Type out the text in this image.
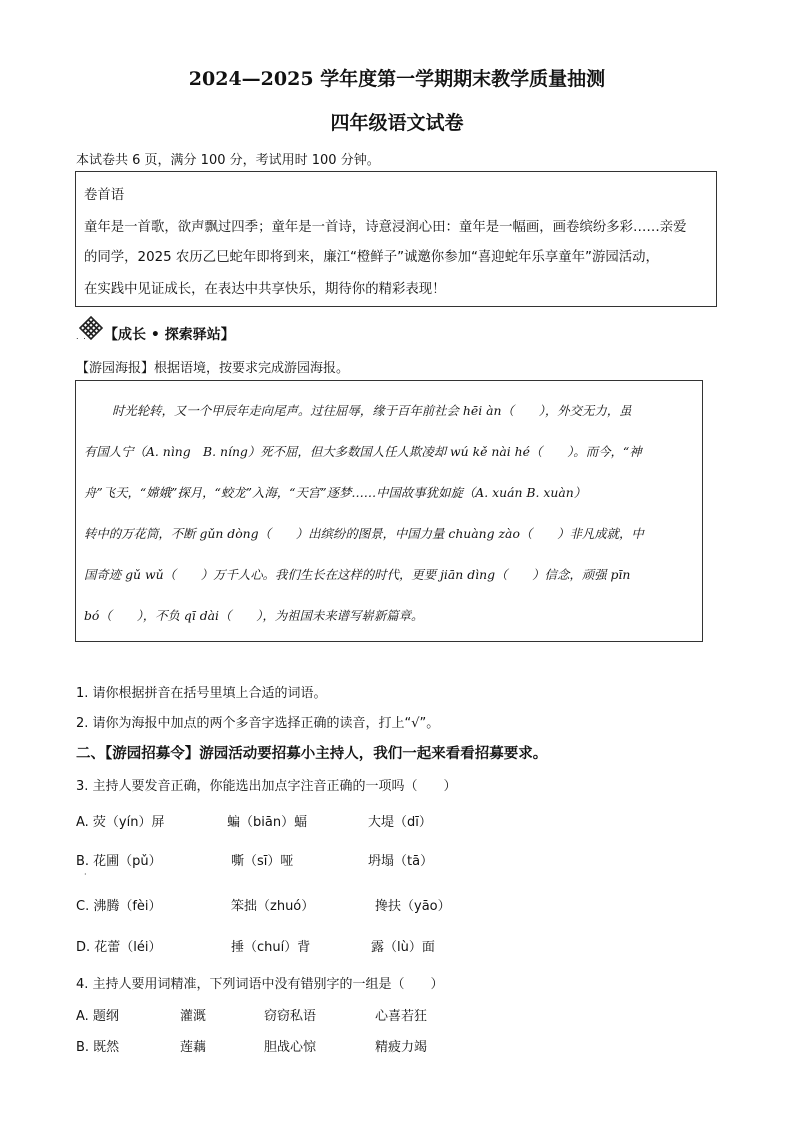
2024—2025 学年度第一学期期末教学质量抽测
四年级语文试卷
本试卷共 6 页，满分 100 分，考试用时 100 分钟。
卷首语
童年是一首歌，欲声飘过四季；童年是一首诗，诗意浸润心田：童年是一幅画，画卷缤纷多彩……亲爱
的同学，2025 农历乙巳蛇年即将到来，廉江“橙鲜子”诚邀你参加“喜迎蛇年乐享童年”游园活动，
在实践中见证成长，在表达中共享快乐，期待你的精彩表现！
【成长 • 探索驿站】
. . .
【游园海报】根据语境，按要求完成游园海报。
时光轮转，又一个甲辰年走向尾声。过往屈辱，缘于百年前社会 hēi àn（　　），外交无力，虽
有国人宁（A. nìng　B. níng）死不屈，但大多数国人任人欺凌却 wú kě nài hé（　　）。而今，“神
舟”飞天，“嫦娥”探月，“蛟龙”入海，“天宫”逐梦……中国故事犹如旋（A. xuán B. xuàn）
转中的万花筒，不断 gǔn dòng（　　）出缤纷的图景，中国力量 chuàng zào（　　）非凡成就，中
国奇迹 gǔ wǔ（　　）万千人心。我们生长在这样的时代，更要 jiān dìng（　　）信念，顽强 pīn
bó（　　），不负 qī dài（　　），为祖国未来谱写崭新篇章。
1. 请你根据拼音在括号里填上合适的词语。
2. 请你为海报中加点的两个多音字选择正确的读音，打上“√”。
二、【游园招募令】游园活动要招募小主持人，我们一起来看看招募要求。
3. 主持人要发音正确，你能选出加点字注音正确的一项吗（　　）
A. 荧（yín）屏	蝙（biān）蝠	大堤（dī）
B. 花圃（pǔ）	嘶（sī）哑	坍塌（tā）
·
C. 沸腾（fèi）	笨拙（zhuó）	搀扶（yāo）
D. 花蕾（léi）	捶（chuí）背	露（lù）面
4. 主持人要用词精准，下列词语中没有错别字的一组是（　　）
A. 题纲	灌溉	窃窃私语	心喜若狂
B. 既然	莲藕	胆战心惊	精疲力竭
